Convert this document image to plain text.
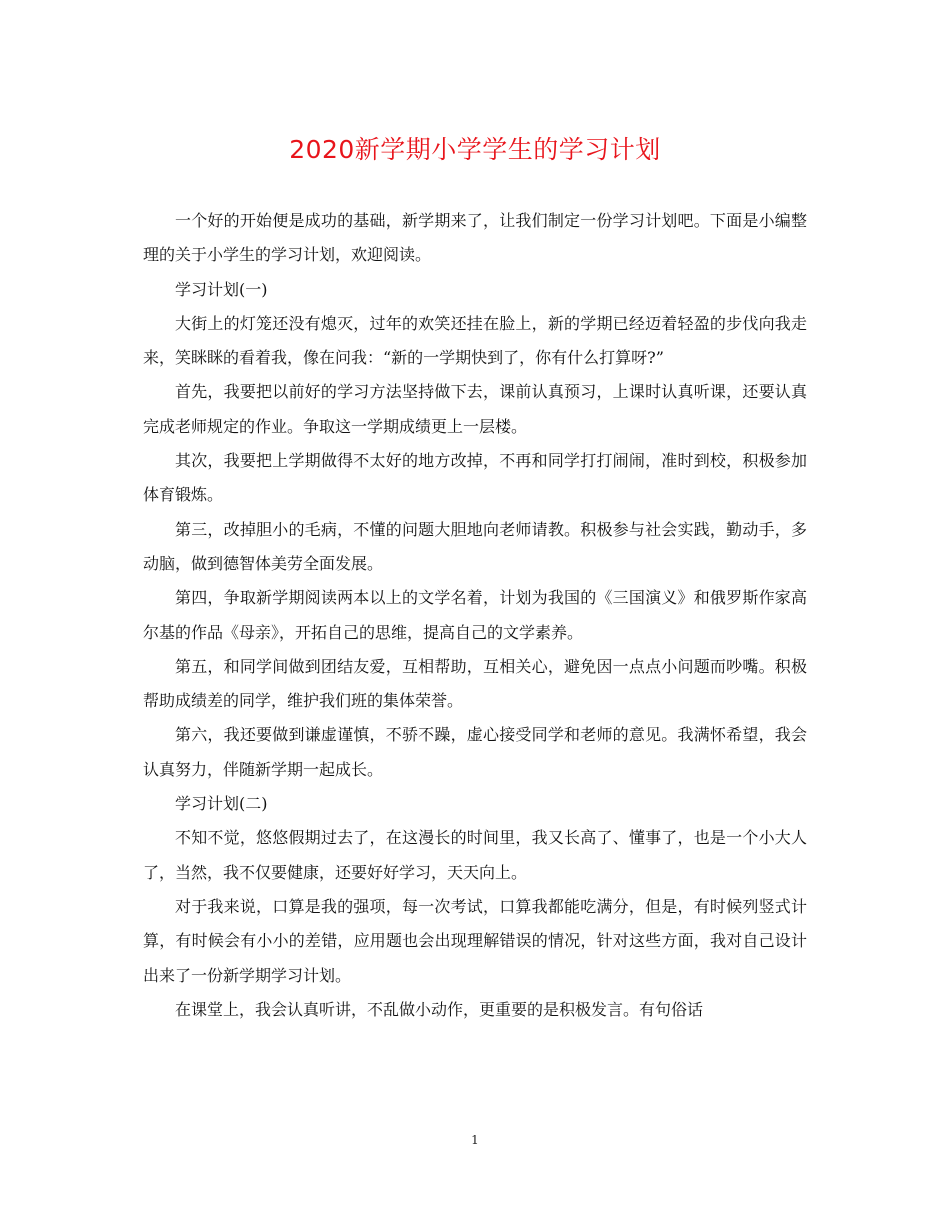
2020新学期小学学生的学习计划

一个好的开始便是成功的基础，新学期来了，让我们制定一份学习计划吧。下面是小编整理的关于小学生的学习计划，欢迎阅读。

学习计划(一)

大街上的灯笼还没有熄灭，过年的欢笑还挂在脸上，新的学期已经迈着轻盈的步伐向我走来，笑眯眯的看着我，像在问我：“新的一学期快到了，你有什么打算呀?”

首先，我要把以前好的学习方法坚持做下去，课前认真预习，上课时认真听课，还要认真完成老师规定的作业。争取这一学期成绩更上一层楼。

其次，我要把上学期做得不太好的地方改掉，不再和同学打打闹闹，准时到校，积极参加体育锻炼。

第三，改掉胆小的毛病，不懂的问题大胆地向老师请教。积极参与社会实践，勤动手，多动脑，做到德智体美劳全面发展。

第四，争取新学期阅读两本以上的文学名着，计划为我国的《三国演义》和俄罗斯作家高尔基的作品《母亲》，开拓自己的思维，提高自己的文学素养。

第五，和同学间做到团结友爱，互相帮助，互相关心，避免因一点点小问题而吵嘴。积极帮助成绩差的同学，维护我们班的集体荣誉。

第六，我还要做到谦虚谨慎，不骄不躁，虚心接受同学和老师的意见。我满怀希望，我会认真努力，伴随新学期一起成长。

学习计划(二)

不知不觉，悠悠假期过去了，在这漫长的时间里，我又长高了、懂事了，也是一个小大人了，当然，我不仅要健康，还要好好学习，天天向上。

对于我来说，口算是我的强项，每一次考试，口算我都能吃满分，但是，有时候列竖式计算，有时候会有小小的差错，应用题也会出现理解错误的情况，针对这些方面，我对自己设计出来了一份新学期学习计划。

在课堂上，我会认真听讲，不乱做小动作，更重要的是积极发言。有句俗话

1
